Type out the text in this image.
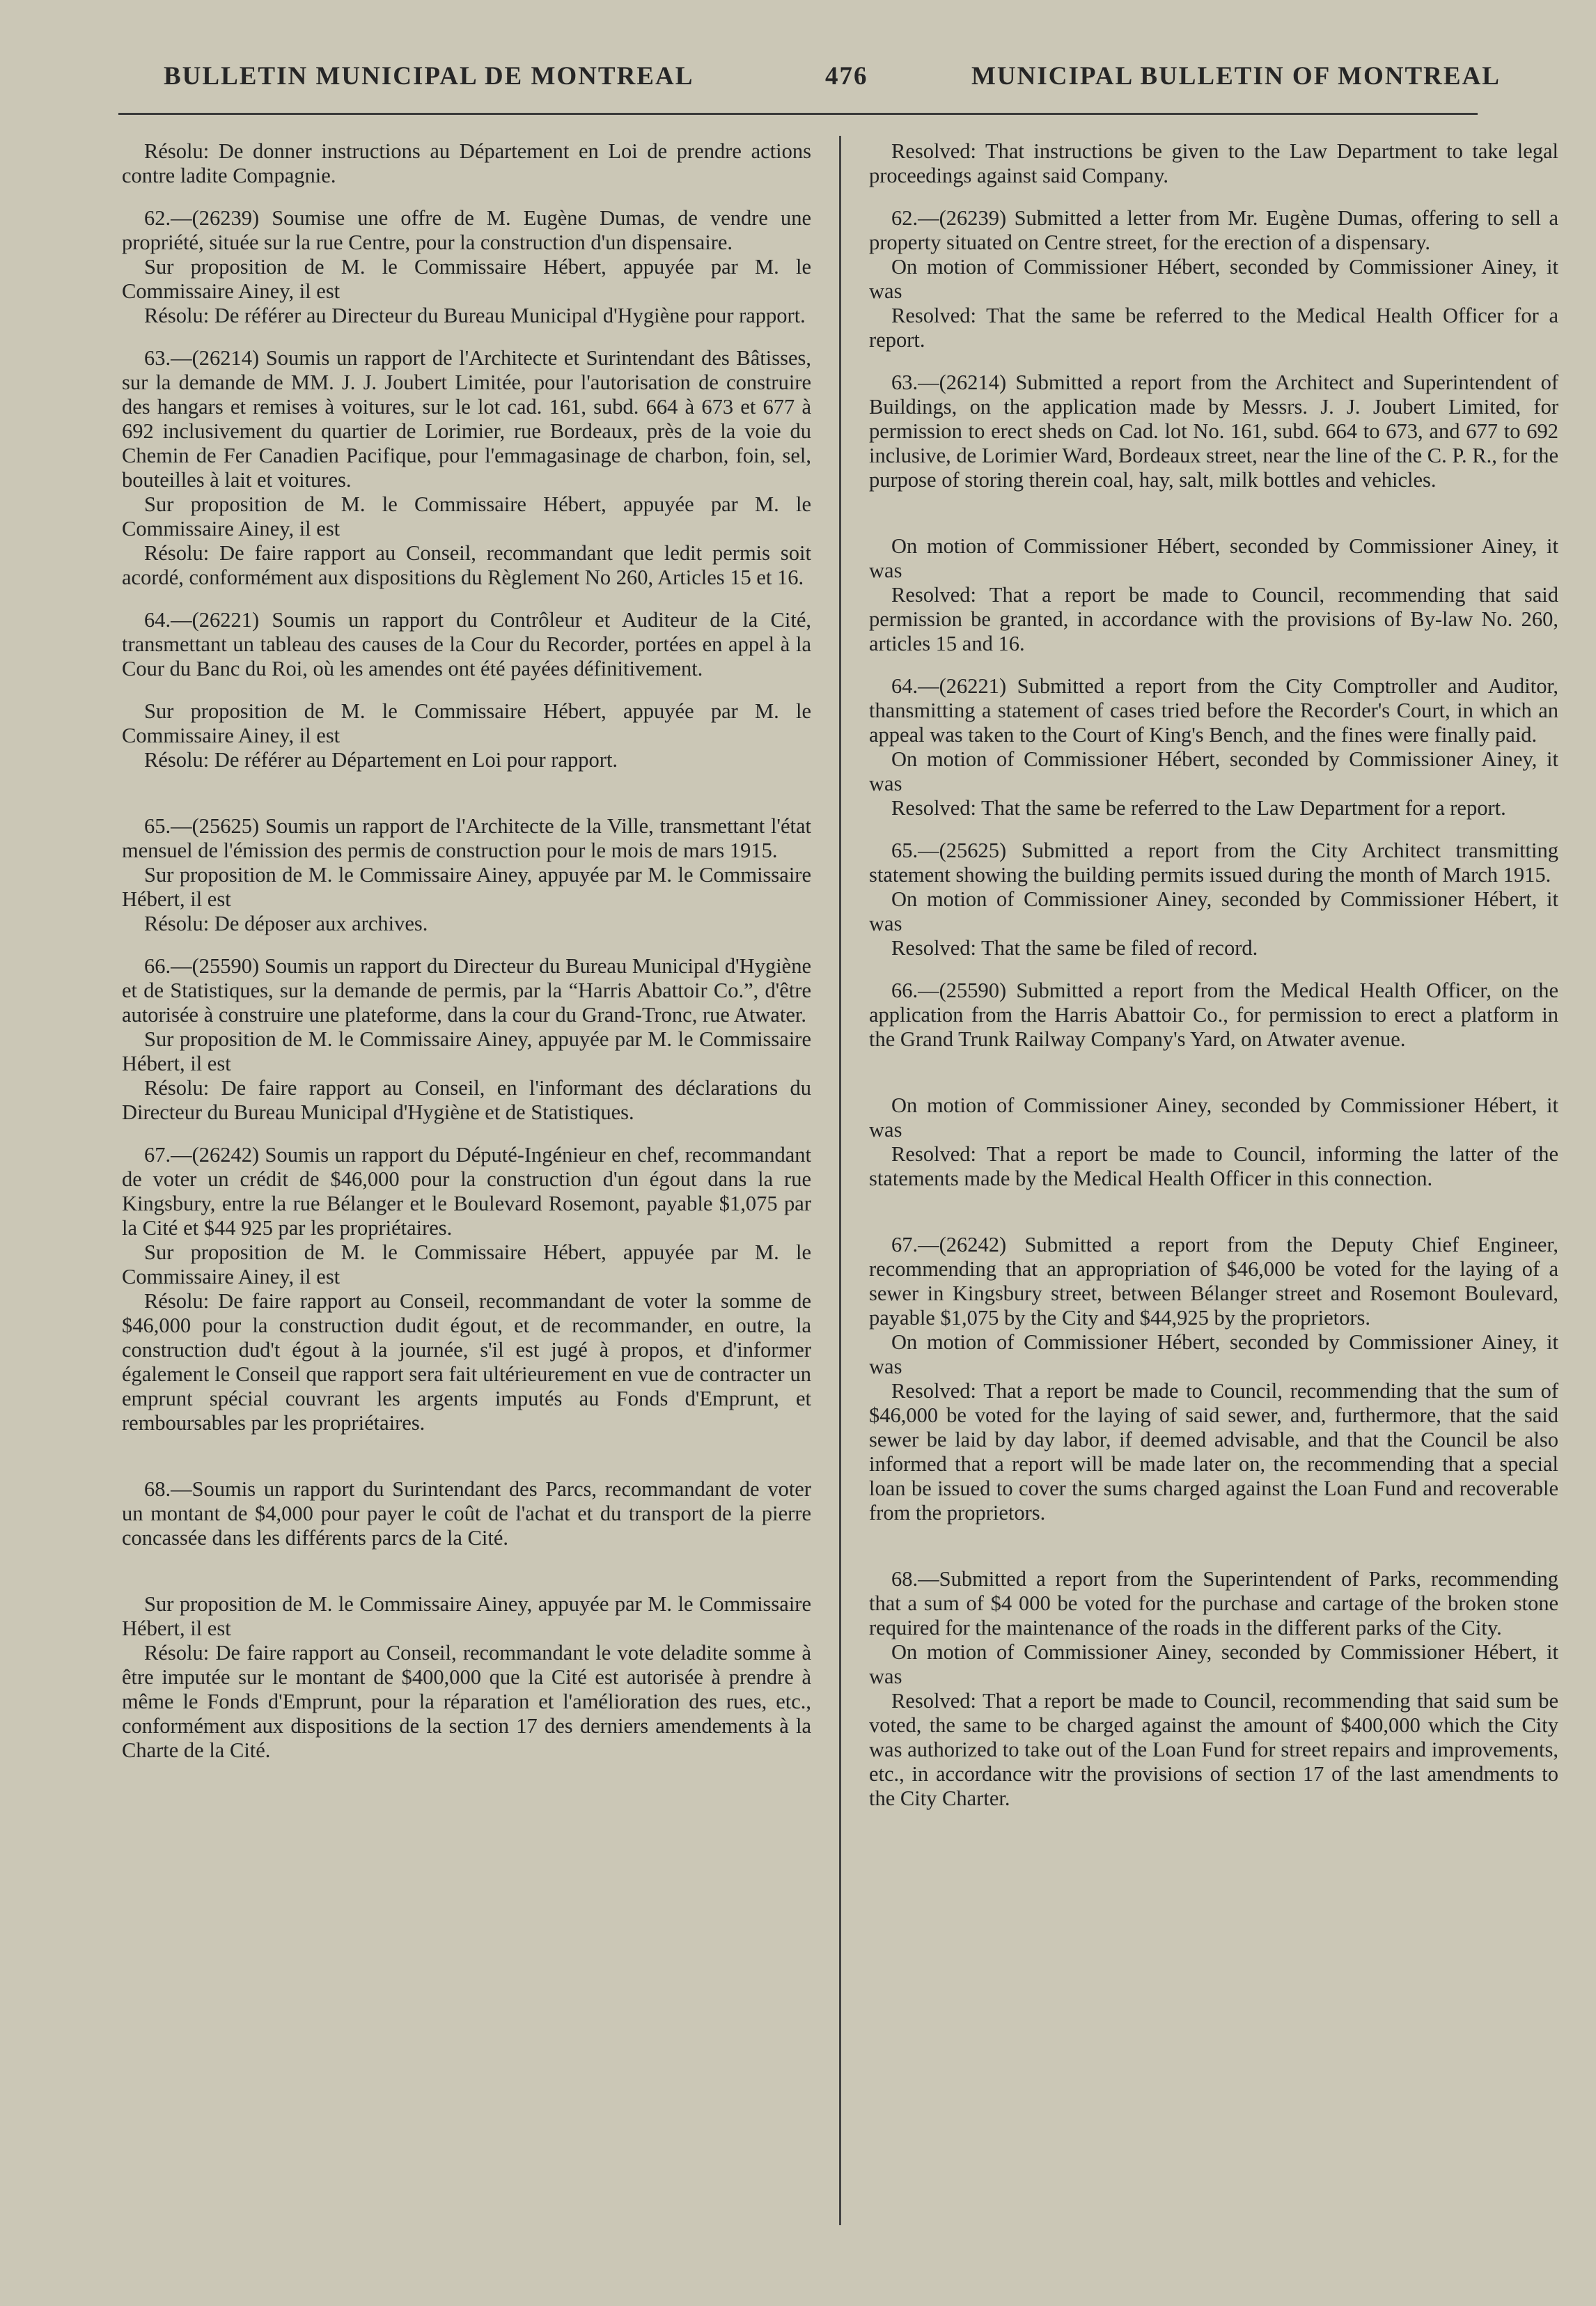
BULLETIN MUNICIPAL DE MONTREAL	476	MUNICIPAL BULLETIN OF MONTREAL

Résolu: De donner instructions au Département en Loi de prendre actions contre ladite Compagnie.

62.—(26239) Soumise une offre de M. Eugène Dumas, de vendre une propriété, située sur la rue Centre, pour la construction d'un dispensaire.

Sur proposition de M. le Commissaire Hébert, appuyée par M. le Commissaire Ainey, il est

Résolu: De référer au Directeur du Bureau Municipal d'Hygiène pour rapport.

63.—(26214) Soumis un rapport de l'Architecte et Surintendant des Bâtisses, sur la demande de MM. J. J. Joubert Limitée, pour l'autorisation de construire des hangars et remises à voitures, sur le lot cad. 161, subd. 664 à 673 et 677 à 692 inclusivement du quartier de Lorimier, rue Bordeaux, près de la voie du Chemin de Fer Canadien Pacifique, pour l'emmagasinage de charbon, foin, sel, bouteilles à lait et voitures.

Sur proposition de M. le Commissaire Hébert, appuyée par M. le Commissaire Ainey, il est

Résolu: De faire rapport au Conseil, recommandant que ledit permis soit acordé, conformément aux dispositions du Règlement No 260, Articles 15 et 16.

64.—(26221) Soumis un rapport du Contrôleur et Auditeur de la Cité, transmettant un tableau des causes de la Cour du Recorder, portées en appel à la Cour du Banc du Roi, où les amendes ont été payées définitivement.

Sur proposition de M. le Commissaire Hébert, appuyée par M. le Commissaire Ainey, il est

Résolu: De référer au Département en Loi pour rapport.

65.—(25625) Soumis un rapport de l'Architecte de la Ville, transmettant l'état mensuel de l'émission des permis de construction pour le mois de mars 1915.

Sur proposition de M. le Commissaire Ainey, appuyée par M. le Commissaire Hébert, il est

Résolu: De déposer aux archives.

66.—(25590) Soumis un rapport du Directeur du Bureau Municipal d'Hygiène et de Statistiques, sur la demande de permis, par la “Harris Abattoir Co.”, d'être autorisée à construire une plateforme, dans la cour du Grand-Tronc, rue Atwater.

Sur proposition de M. le Commissaire Ainey, appuyée par M. le Commissaire Hébert, il est

Résolu: De faire rapport au Conseil, en l'informant des déclarations du Directeur du Bureau Municipal d'Hygiène et de Statistiques.

67.—(26242) Soumis un rapport du Député-Ingénieur en chef, recommandant de voter un crédit de $46,000 pour la construction d'un égout dans la rue Kingsbury, entre la rue Bélanger et le Boulevard Rosemont, payable $1,075 par la Cité et $44 925 par les propriétaires.

Sur proposition de M. le Commissaire Hébert, appuyée par M. le Commissaire Ainey, il est

Résolu: De faire rapport au Conseil, recommandant de voter la somme de $46,000 pour la construction dudit égout, et de recommander, en outre, la construction dud't égout à la journée, s'il est jugé à propos, et d'informer également le Conseil que rapport sera fait ultérieurement en vue de contracter un emprunt spécial couvrant les argents imputés au Fonds d'Emprunt, et remboursables par les propriétaires.

68.—Soumis un rapport du Surintendant des Parcs, recommandant de voter un montant de $4,000 pour payer le coût de l'achat et du transport de la pierre concassée dans les différents parcs de la Cité.

Sur proposition de M. le Commissaire Ainey, appuyée par M. le Commissaire Hébert, il est

Résolu: De faire rapport au Conseil, recommandant le vote deladite somme à être imputée sur le montant de $400,000 que la Cité est autorisée à prendre à même le Fonds d'Emprunt, pour la réparation et l'amélioration des rues, etc., conformément aux dispositions de la section 17 des derniers amendements à la Charte de la Cité.

Resolved: That instructions be given to the Law Department to take legal proceedings against said Company.

62.—(26239) Submitted a letter from Mr. Eugène Dumas, offering to sell a property situated on Centre street, for the erection of a dispensary.

On motion of Commissioner Hébert, seconded by Commissioner Ainey, it was

Resolved: That the same be referred to the Medical Health Officer for a report.

63.—(26214) Submitted a report from the Architect and Superintendent of Buildings, on the application made by Messrs. J. J. Joubert Limited, for permission to erect sheds on Cad. lot No. 161, subd. 664 to 673, and 677 to 692 inclusive, de Lorimier Ward, Bordeaux street, near the line of the C. P. R., for the purpose of storing therein coal, hay, salt, milk bottles and vehicles.

On motion of Commissioner Hébert, seconded by Commissioner Ainey, it was

Resolved: That a report be made to Council, recommending that said permission be granted, in accordance with the provisions of By-law No. 260, articles 15 and 16.

64.—(26221) Submitted a report from the City Comptroller and Auditor, thansmitting a statement of cases tried before the Recorder's Court, in which an appeal was taken to the Court of King's Bench, and the fines were finally paid.

On motion of Commissioner Hébert, seconded by Commissioner Ainey, it was

Resolved: That the same be referred to the Law Department for a report.

65.—(25625) Submitted a report from the City Architect transmitting statement showing the building permits issued during the month of March 1915.

On motion of Commissioner Ainey, seconded by Commissioner Hébert, it was

Resolved: That the same be filed of record.

66.—(25590) Submitted a report from the Medical Health Officer, on the application from the Harris Abattoir Co., for permission to erect a platform in the Grand Trunk Railway Company's Yard, on Atwater avenue.

On motion of Commissioner Ainey, seconded by Commissioner Hébert, it was

Resolved: That a report be made to Council, informing the latter of the statements made by the Medical Health Officer in this connection.

67.—(26242) Submitted a report from the Deputy Chief Engineer, recommending that an appropriation of $46,000 be voted for the laying of a sewer in Kingsbury street, between Bélanger street and Rosemont Boulevard, payable $1,075 by the City and $44,925 by the proprietors.

On motion of Commissioner Hébert, seconded by Commissioner Ainey, it was

Resolved: That a report be made to Council, recommending that the sum of $46,000 be voted for the laying of said sewer, and, furthermore, that the said sewer be laid by day labor, if deemed advisable, and that the Council be also informed that a report will be made later on, the recommending that a special loan be issued to cover the sums charged against the Loan Fund and recoverable from the proprietors.

68.—Submitted a report from the Superintendent of Parks, recommending that a sum of $4 000 be voted for the purchase and cartage of the broken stone required for the maintenance of the roads in the different parks of the City.

On motion of Commissioner Ainey, seconded by Commissioner Hébert, it was

Resolved: That a report be made to Council, recommending that said sum be voted, the same to be charged against the amount of $400,000 which the City was authorized to take out of the Loan Fund for street repairs and improvements, etc., in accordance witr the provisions of section 17 of the last amendments to the City Charter.
